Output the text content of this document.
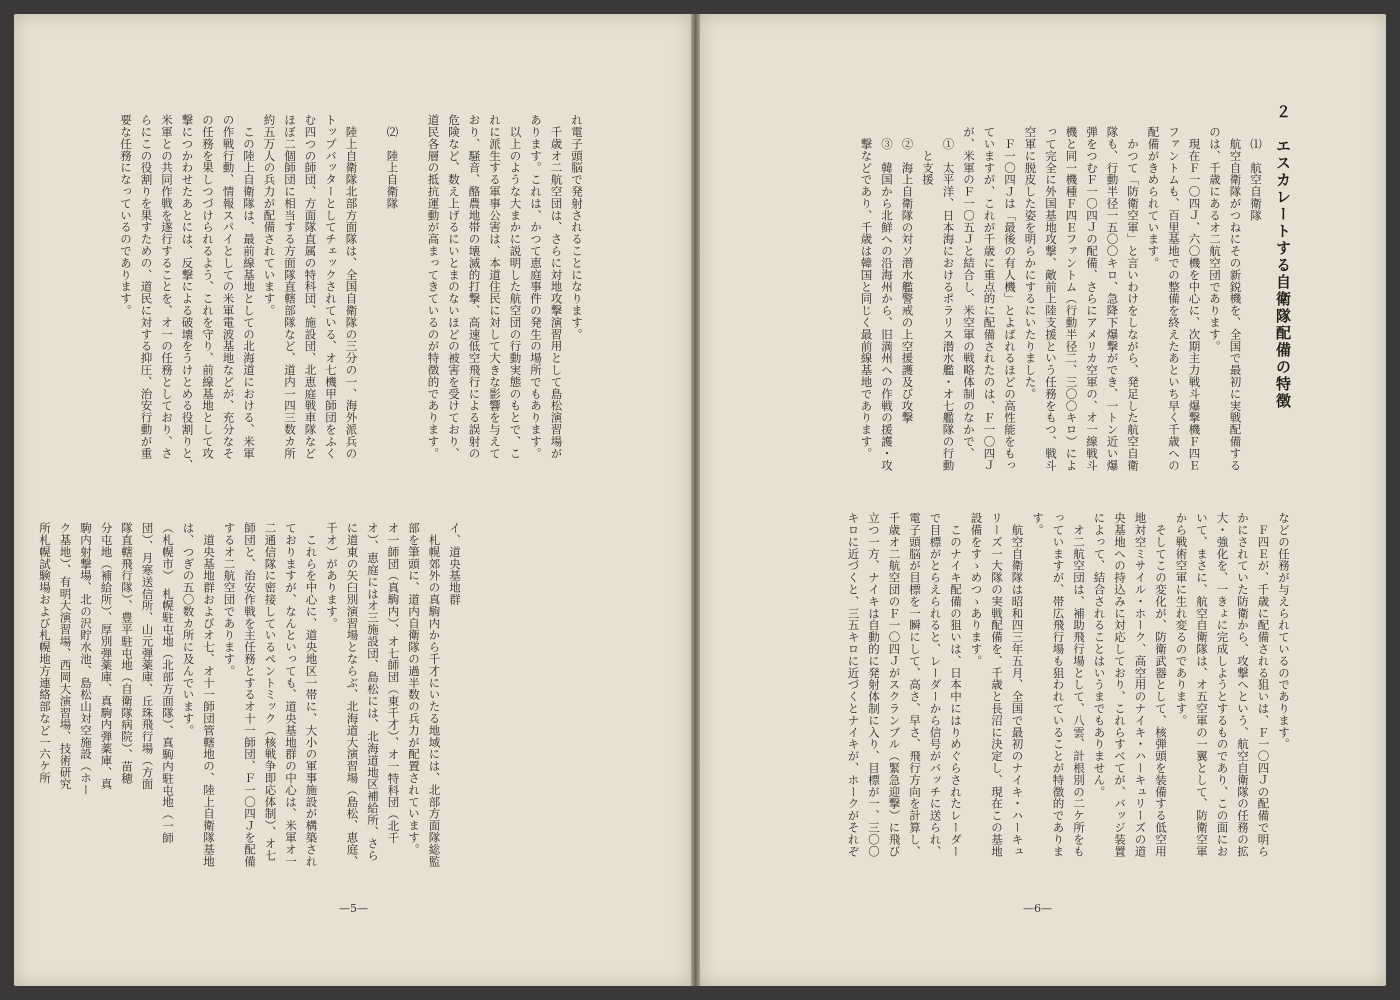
れ電子頭脳で発射されることになります。

　千歳オ二航空団は、さらに対地攻撃演習用として島松演習場が

あります。これは、かつて恵庭事件の発生の場所でもあります。

　以上のような大まかに説明した航空団の行動実態のもとで、こ

れに派生する軍事公害は、本道住民に対して大きな影響を与えて

おり、騒音、酪農地帯の壊滅的打撃、高速低空飛行による誤射の

危険など、数え上げるにいとまのないほどの被害を受けており、

道民各層の抵抗運動が高まってきているのが特徴的であります。

　⑵　陸上自衛隊

　陸上自衛隊北部方面隊は、全国自衛隊の三分の一、海外派兵の

トップバッターとしてチェックされている、オ七機甲師団をふく

む四つの師団、方面隊直属の特科団、施設団、北恵庭戦車隊など

ほぼ二個師団に相当する方面隊直轄部隊など、道内一四三数カ所

約五万人の兵力が配備されています。

　この陸上自衛隊は、最前線基地としての北海道における、米軍

の作戦行動、情報スパイとしての米軍電波基地などが、充分なそ

の任務を果しつづけられるよう、これを守り、前線基地として攻

撃につかわせたあとには、反撃による破壊をうけとめる役割りと、

米軍との共同作戦を遂行することを、オ一の任務としており、さ

らにこの役割りを果すための、道民に対する抑圧、治安行動が重

要な任務になっているのであります。

イ、道央基地群

　札幌郊外の真駒内から千才にいたる地域には、北部方面隊総監

部を筆頭に、道内自衛隊の過半数の兵力が配置されています。

オ一師団（真駒内）、オ七師団（東千才）、オ一特科団（北千

オ）、恵庭にはオ三施設団、島松には、北海道地区補給所、さら

に道東の矢臼別演習場とならぶ、北海道大演習場（島松、恵庭、

千オ）があります。

　これらを中心に、道央地区一帯に、大小の軍事施設が構築され

ておりますが、なんといっても、道央基地群の中心は、米軍オ一

二通信隊に密接しているペントミック（核戦争即応体制）、オ七

師団と、治安作戦を主任務とするオ十一師団、Ｆ一〇四Ｊを配備

するオ二航空団であります。

　道央基地群およびオ七、オ十一師団管轄地の、陸上自衛隊基地

は、つぎの五〇数カ所に及んでいます。

（札幌市）　札幌駐屯地（北部方面隊）、真駒内駐屯地（一師

団）、月寒送信所、山元弾薬庫、丘珠飛行場（方面

隊直轄飛行隊）、豊平駐屯地（自衛隊病院）、苗穂

分屯地（補給所）、厚別弾薬庫、真駒内弾薬庫、真

駒内射撃場、北の沢貯水池、島松山対空施設（ホー

ク基地）、有明大演習場、西岡大演習場、技術研究

所札幌試験場および札幌地方連絡部など一六ケ所

—5—
２　エスカレートする自衛隊配備の特徴

　⑴　航空自衛隊

　航空自衛隊がつねにその新鋭機を、全国で最初に実戦配備する

のは、千歳にあるオ二航空団であります。

　現在Ｆ一〇四Ｊ、六〇機を中心に、次期主力戦斗爆撃機Ｆ四Ｅ

ファントムも、百里基地での整備を終えたあといち早く千歳への

配備がきめられています。

　かつて「防衛空軍」と言いわけをしながら、発足した航空自衛

隊も、行動半径一五〇〇キロ、急降下爆撃ができ、一トン近い爆

弾をつむＦ一〇四Ｊの配備、さらにアメリカ空軍の、オ一線戦斗

機と同一機種Ｆ四Ｅファントム（行動半径二、三〇〇キロ）によ

って完全に外国基地攻撃、敵前上陸支援という任務をもつ、戦斗

空軍に脱皮した姿を明らかにするにいたりました。

　Ｆ一〇四Ｊは「最後の有人機」とよばれるほどの高性能をもっ

ていますが、これが千歳に重点的に配備されたのは、Ｆ一〇四Ｊ

が、米軍のＦ一〇五Ｊと結合し、米空軍の戦略体制のなかで、

　①　太平洋、日本海におけるポラリス潜水艦・オ七艦隊の行動

　　と支援

　②　海上自衛隊の対ソ潜水艦警戒の上空援護及び攻撃

　③　韓国から北鮮への沿海州から、旧満州への作戦の援護・攻

　撃などであり、千歳は韓国と同じく最前線基地であります。

などの任務が与えられているのであります。

　Ｆ四Ｅが、千歳に配備される狙いは、Ｆ一〇四Ｊの配備で明ら

かにされていた防衛から、攻撃へという、航空自衛隊の任務の拡

大・強化を、一きょに完成しようとするものであり、この面にお

いて、まさに、航空自衛隊は、オ五空軍の一翼として、防衛空軍

から戦術空軍に生れ変るのであります。

　そしてこの変化が、防衛武器として、核弾頭を装備する低空用

地対空ミサイル・ホーク、高空用のナイキ・ハーキュリーズの道

央基地への持込みに対応しており、これらすべてが、バッジ装置

によって、結合されることはいうまでもありません。

　オ二航空団は、補助飛行場として、八雲、計根別の二ケ所をも

っていますが、帯広飛行場も狙われていることが特徴的でありま

す。

　航空自衛隊は昭和四三年五月、全国で最初のナイキ・ハーキュ

リーズ一大隊の実戦配備を、千歳と長沼に決定し、現在この基地

設備をすゝめつゝあります。

　このナイキ配備の狙いは、日本中にはりめぐらされたレーダー

で目標がとらえられると、レーダーから信号がバッチに送られ、

電子頭脳が目標を一瞬にして、高さ、早さ、飛行方向を計算し、

千歳オ二航空団のＦ一〇四Ｊがスクランブル（緊急迎撃）に飛び

立つ一方、ナイキは自動的に発射体制に入り、目標が一、三〇〇

キロに近づくと、三五キロに近づくとナイキが、ホークがそれぞ

—6—
